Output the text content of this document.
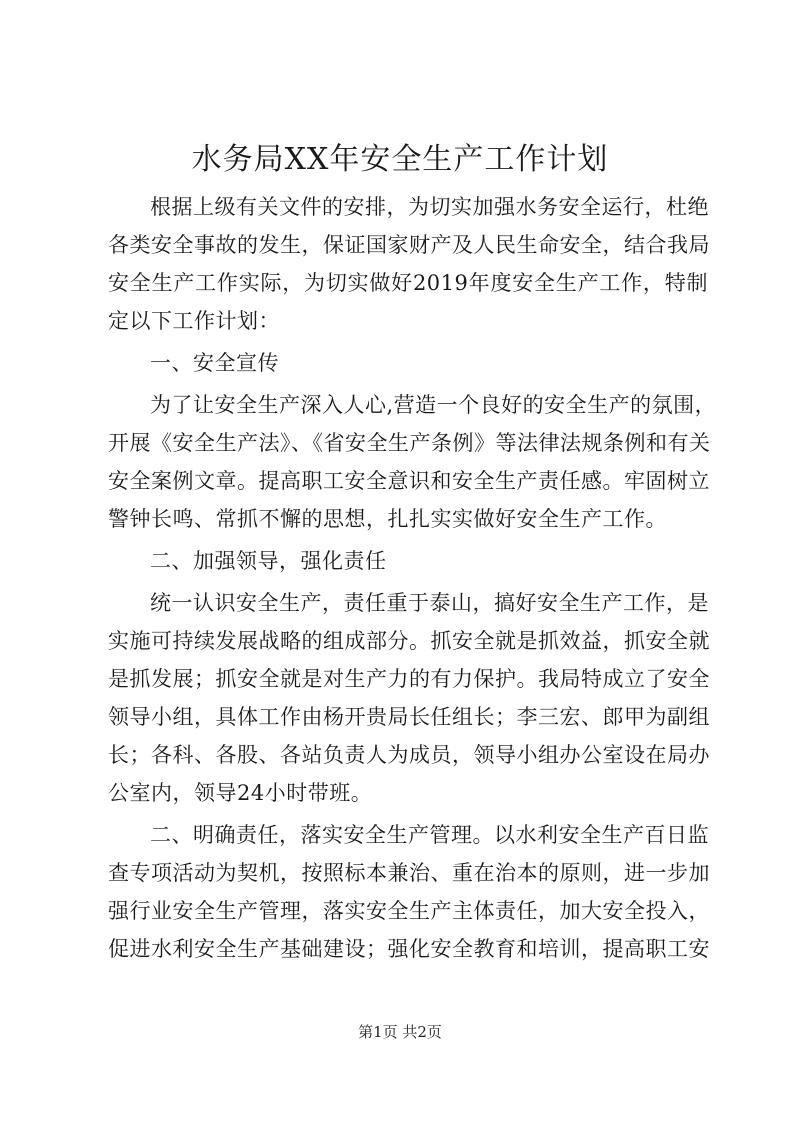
水务局XX年安全生产工作计划
根据上级有关文件的安排，为切实加强水务安全运行，杜绝
各类安全事故的发生，保证国家财产及人民生命安全，结合我局
安全生产工作实际，为切实做好2019年度安全生产工作，特制
定以下工作计划：
一、安全宣传
为了让安全生产深入人心,营造一个良好的安全生产的氛围，
开展《安全生产法》、《省安全生产条例》等法律法规条例和有关
安全案例文章。提高职工安全意识和安全生产责任感。牢固树立
警钟长鸣、常抓不懈的思想，扎扎实实做好安全生产工作。
二、加强领导，强化责任
统一认识安全生产，责任重于泰山，搞好安全生产工作，是
实施可持续发展战略的组成部分。抓安全就是抓效益，抓安全就
是抓发展；抓安全就是对生产力的有力保护。我局特成立了安全
领导小组，具体工作由杨开贵局长任组长；李三宏、郎甲为副组
长；各科、各股、各站负责人为成员，领导小组办公室设在局办
公室内，领导24小时带班。
二、明确责任，落实安全生产管理。以水利安全生产百日监
查专项活动为契机，按照标本兼治、重在治本的原则，进一步加
强行业安全生产管理，落实安全生产主体责任，加大安全投入，
促进水利安全生产基础建设；强化安全教育和培训，提高职工安
第1页 共2页
